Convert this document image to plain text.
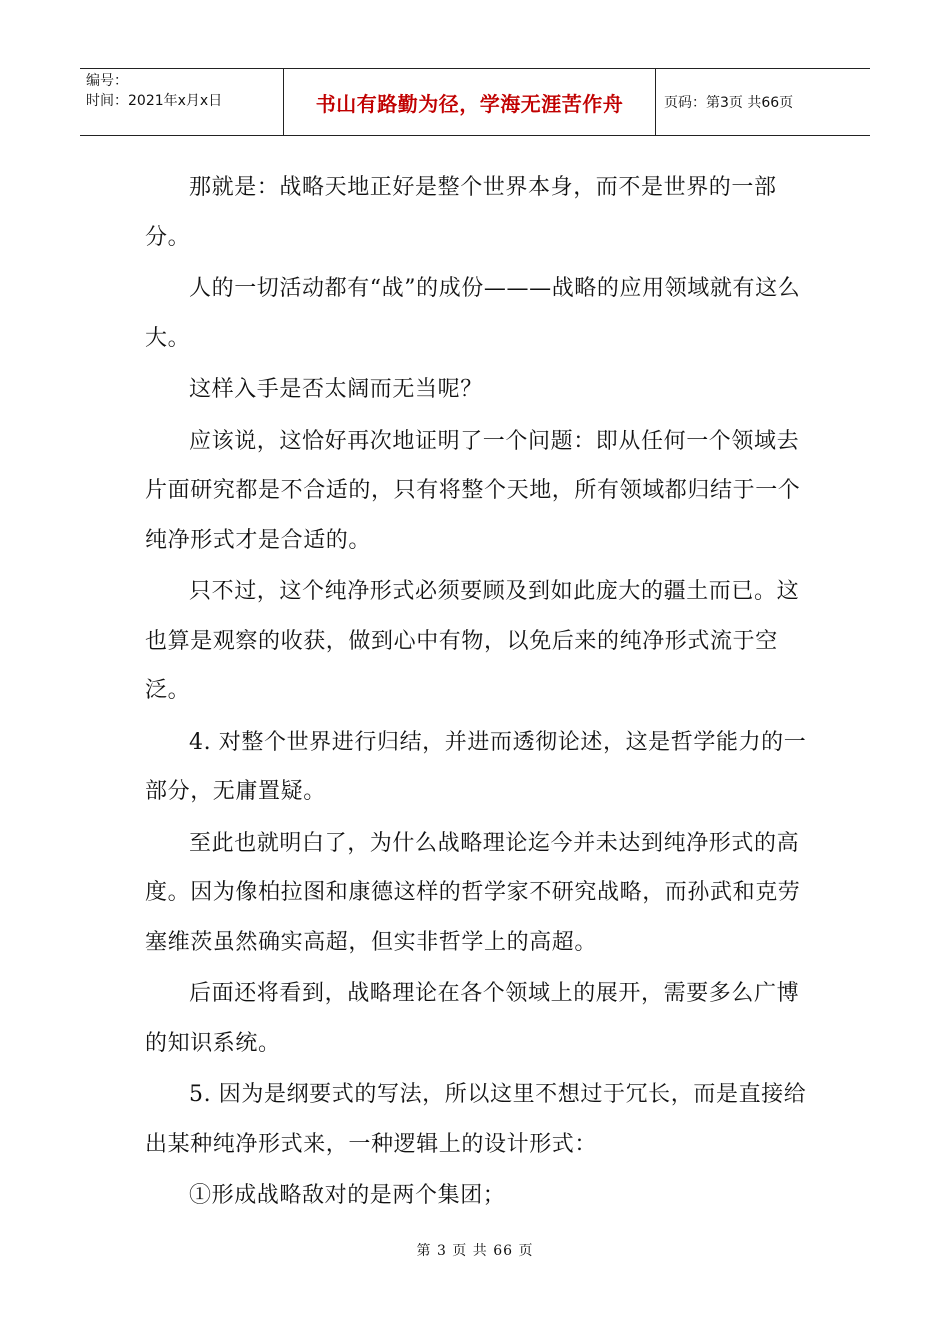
编号：
时间：2021年x月x日	书山有路勤为径，学海无涯苦作舟	页码：第3页 共66页

那就是：战略天地正好是整个世界本身，而不是世界的一部分。

人的一切活动都有“战”的成份———战略的应用领域就有这么大。

这样入手是否太阔而无当呢？

应该说，这恰好再次地证明了一个问题：即从任何一个领域去片面研究都是不合适的，只有将整个天地，所有领域都归结于一个纯净形式才是合适的。

只不过，这个纯净形式必须要顾及到如此庞大的疆土而已。这也算是观察的收获，做到心中有物，以免后来的纯净形式流于空泛。

4. 对整个世界进行归结，并进而透彻论述，这是哲学能力的一部分，无庸置疑。

至此也就明白了，为什么战略理论迄今并未达到纯净形式的高度。因为像柏拉图和康德这样的哲学家不研究战略，而孙武和克劳塞维茨虽然确实高超，但实非哲学上的高超。

后面还将看到，战略理论在各个领域上的展开，需要多么广博的知识系统。

5. 因为是纲要式的写法，所以这里不想过于冗长，而是直接给出某种纯净形式来，一种逻辑上的设计形式：

①形成战略敌对的是两个集团；

第 3 页 共 66 页
